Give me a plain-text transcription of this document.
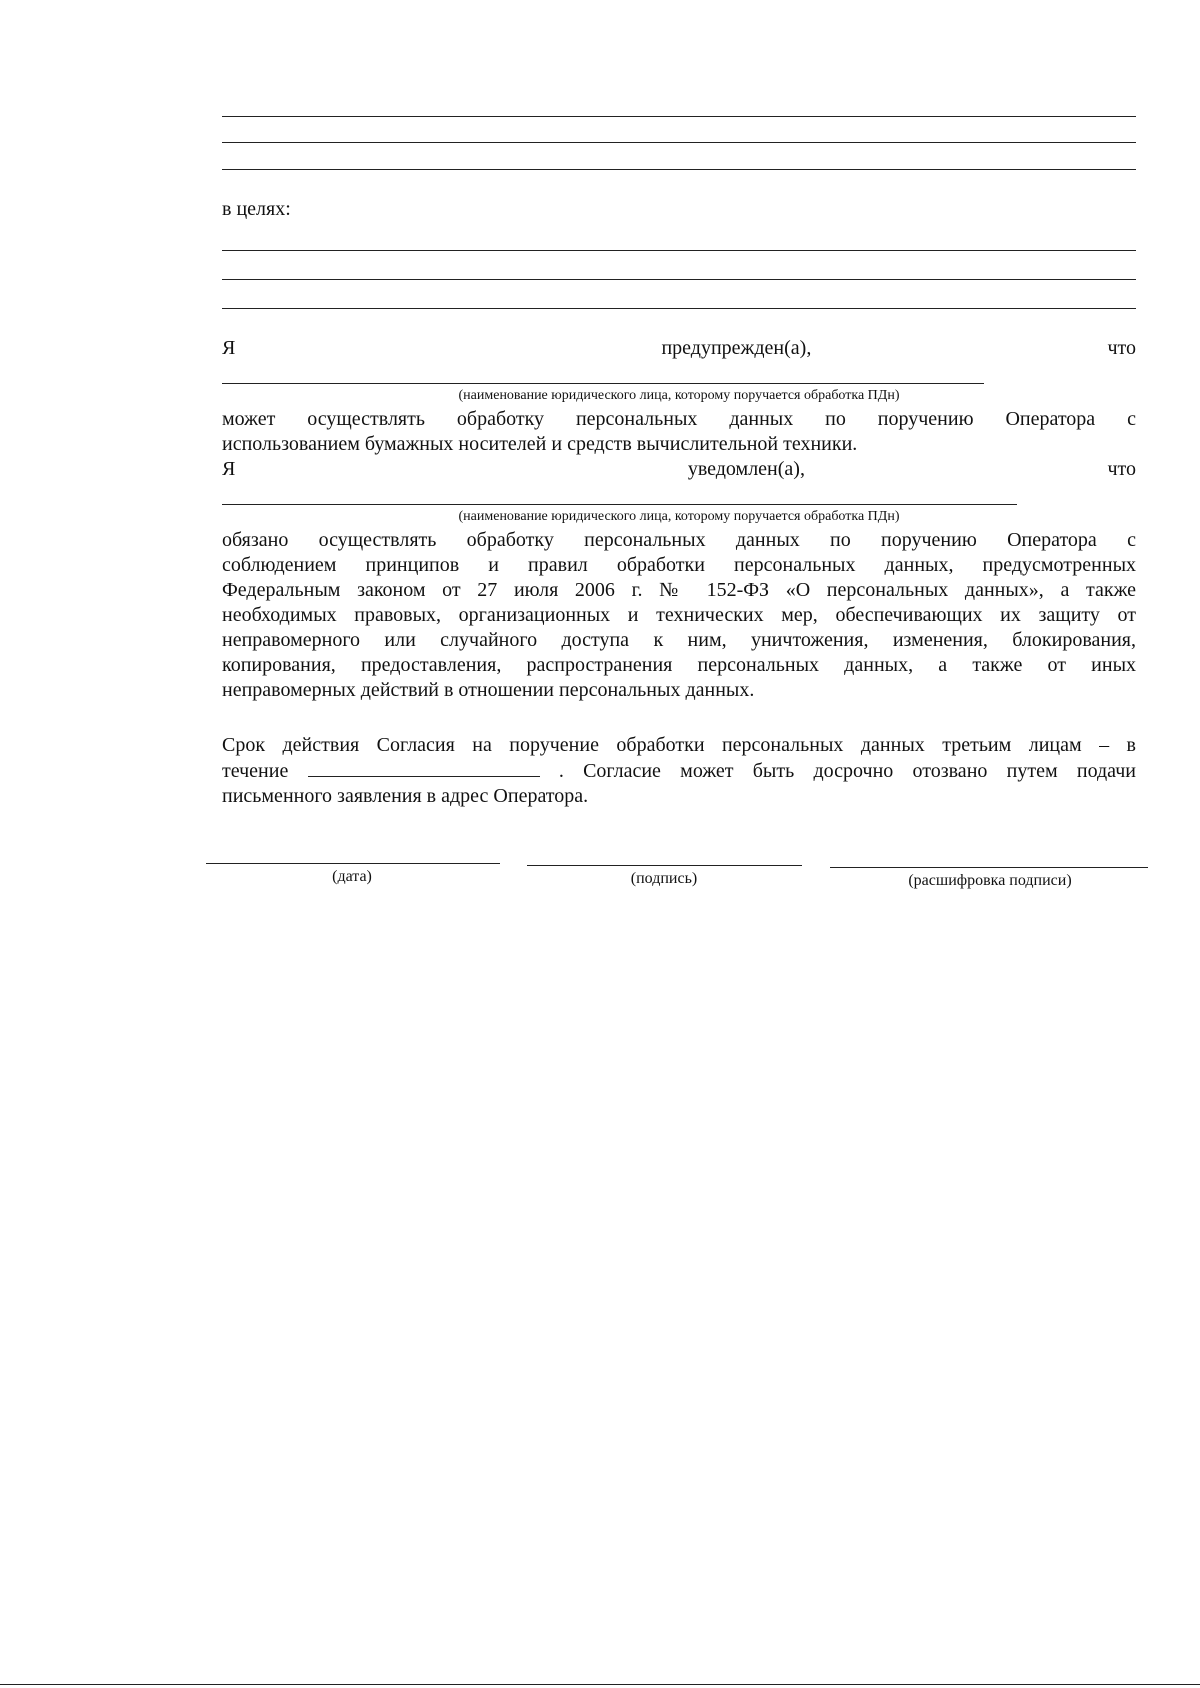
в целях:
Я	предупрежден(а),	что
(наименование юридического лица, которому поручается обработка ПДн)
может осуществлять обработку персональных данных по поручению Оператора с
использованием бумажных носителей и средств вычислительной техники.
Я	уведомлен(а),	что
(наименование юридического лица, которому поручается обработка ПДн)
обязано осуществлять обработку персональных данных по поручению Оператора с
соблюдением принципов и правил обработки персональных данных, предусмотренных
Федеральным законом от 27 июля 2006 г. № 152-ФЗ «О персональных данных», а также
необходимых правовых, организационных и технических мер, обеспечивающих их защиту от
неправомерного или случайного доступа к ним, уничтожения, изменения, блокирования,
копирования, предоставления, распространения персональных данных, а также от иных
неправомерных действий в отношении персональных данных.
Срок действия Согласия на поручение обработки персональных данных третьим лицам – в
течение	. Согласие может быть досрочно отозвано путем подачи
письменного заявления в адрес Оператора.
(дата)	(подпись)	(расшифровка подписи)
